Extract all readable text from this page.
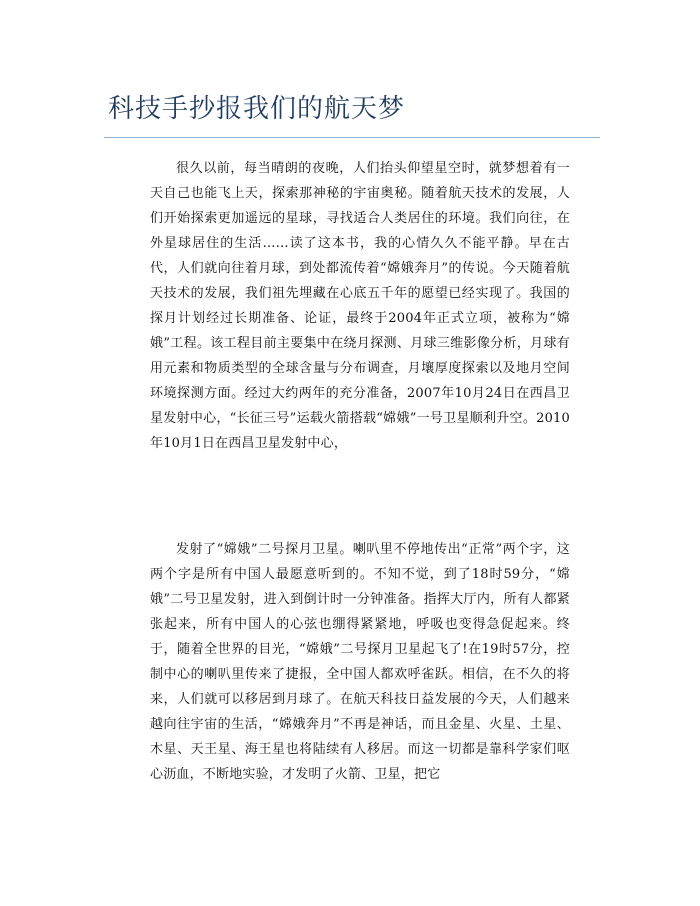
科技手抄报我们的航天梦

很久以前，每当晴朗的夜晚，人们抬头仰望星空时，就梦想着有一天自己也能飞上天，探索那神秘的宇宙奥秘。随着航天技术的发展，人们开始探索更加遥远的星球，寻找适合人类居住的环境。我们向往，在外星球居住的生活……读了这本书，我的心情久久不能平静。早在古代，人们就向往着月球，到处都流传着“嫦娥奔月”的传说。今天随着航天技术的发展，我们祖先埋藏在心底五千年的愿望已经实现了。我国的探月计划经过长期准备、论证，最终于2004年正式立项，被称为“嫦娥”工程。该工程目前主要集中在绕月探测、月球三维影像分析，月球有用元素和物质类型的全球含量与分布调查，月壤厚度探索以及地月空间环境探测方面。经过大约两年的充分准备，2007年10月24日在西昌卫星发射中心，“长征三号”运载火箭搭载“嫦娥”一号卫星顺利升空。2010年10月1日在西昌卫星发射中心，

发射了“嫦娥”二号探月卫星。喇叭里不停地传出“正常”两个字，这两个字是所有中国人最愿意听到的。不知不觉，到了18时59分，“嫦娥”二号卫星发射，进入到倒计时一分钟准备。指挥大厅内，所有人都紧张起来，所有中国人的心弦也绷得紧紧地，呼吸也变得急促起来。终于，随着全世界的目光，“嫦娥”二号探月卫星起飞了!在19时57分，控制中心的喇叭里传来了捷报，全中国人都欢呼雀跃。相信，在不久的将来，人们就可以移居到月球了。在航天科技日益发展的今天，人们越来越向往宇宙的生活，“嫦娥奔月”不再是神话，而且金星、火星、土星、木星、天王星、海王星也将陆续有人移居。而这一切都是靠科学家们呕心沥血，不断地实验，才发明了火箭、卫星，把它
